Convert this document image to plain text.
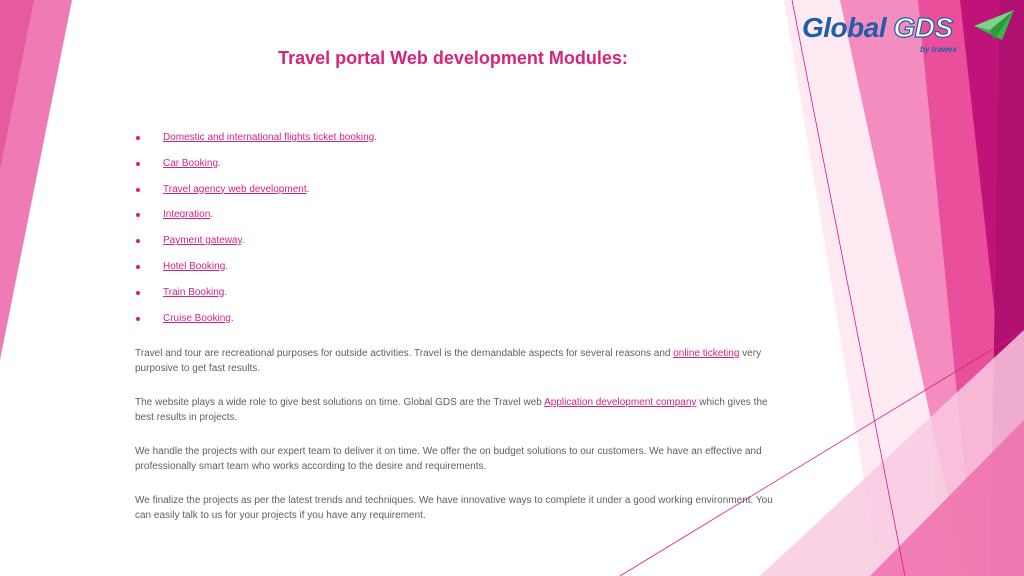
Global GDS
by trawex
Travel portal Web development Modules:
Domestic and international flights ticket booking.
Car Booking.
Travel agency web development.
Integration.
Payment gateway.
Hotel Booking.
Train Booking.
Cruise Booking.

Travel and tour are recreational purposes for outside activities. Travel is the demandable aspects for several reasons and online ticketing very purposive to get fast results.

The website plays a wide role to give best solutions on time. Global GDS are the Travel web Application development company which gives the best results in projects.

We handle the projects with our expert team to deliver it on time. We offer the on budget solutions to our customers. We have an effective and professionally smart team who works according to the desire and requirements.

We finalize the projects as per the latest trends and techniques. We have innovative ways to complete it under a good working environment. You can easily talk to us for your projects if you have any requirement.
